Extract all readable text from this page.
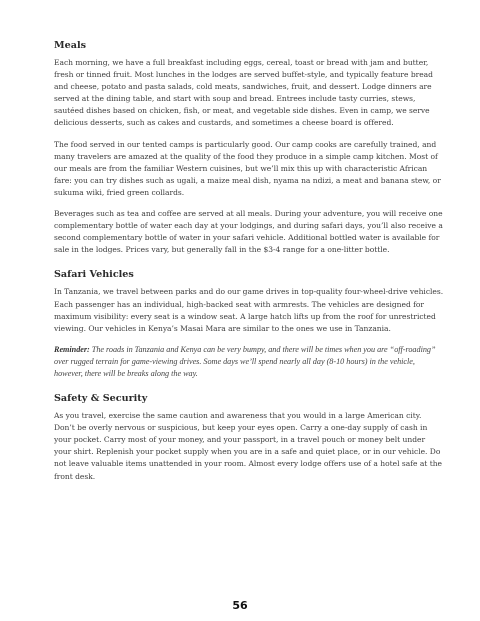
Meals

Each morning, we have a full breakfast including eggs, cereal, toast or bread with jam and butter, fresh or tinned fruit. Most lunches in the lodges are served buffet-style, and typically feature bread and cheese, potato and pasta salads, cold meats, sandwiches, fruit, and dessert. Lodge dinners are served at the dining table, and start with soup and bread. Entrees include tasty curries, stews, sautéed dishes based on chicken, fish, or meat, and vegetable side dishes. Even in camp, we serve delicious desserts, such as cakes and custards, and sometimes a cheese board is offered.

The food served in our tented camps is particularly good. Our camp cooks are carefully trained, and many travelers are amazed at the quality of the food they produce in a simple camp kitchen. Most of our meals are from the familiar Western cuisines, but we’ll mix this up with characteristic African fare: you can try dishes such as ugali, a maize meal dish, nyama na ndizi, a meat and banana stew, or sukuma wiki, fried green collards.

Beverages such as tea and coffee are served at all meals. During your adventure, you will receive one complementary bottle of water each day at your lodgings, and during safari days, you’ll also receive a second complementary bottle of water in your safari vehicle. Additional bottled water is available for sale in the lodges. Prices vary, but generally fall in the $3-4 range for a one-litter bottle.

Safari Vehicles

In Tanzania, we travel between parks and do our game drives in top-quality four-wheel-drive vehicles. Each passenger has an individual, high-backed seat with armrests. The vehicles are designed for maximum visibility: every seat is a window seat. A large hatch lifts up from the roof for unrestricted viewing. Our vehicles in Kenya’s Masai Mara are similar to the ones we use in Tanzania.

Reminder: The roads in Tanzania and Kenya can be very bumpy, and there will be times when you are “off-roading” over rugged terrain for game-viewing drives. Some days we’ll spend nearly all day (8-10 hours) in the vehicle, however, there will be breaks along the way.

Safety & Security

As you travel, exercise the same caution and awareness that you would in a large American city. Don’t be overly nervous or suspicious, but keep your eyes open. Carry a one-day supply of cash in your pocket. Carry most of your money, and your passport, in a travel pouch or money belt under your shirt. Replenish your pocket supply when you are in a safe and quiet place, or in our vehicle. Do not leave valuable items unattended in your room. Almost every lodge offers use of a hotel safe at the front desk.

56
